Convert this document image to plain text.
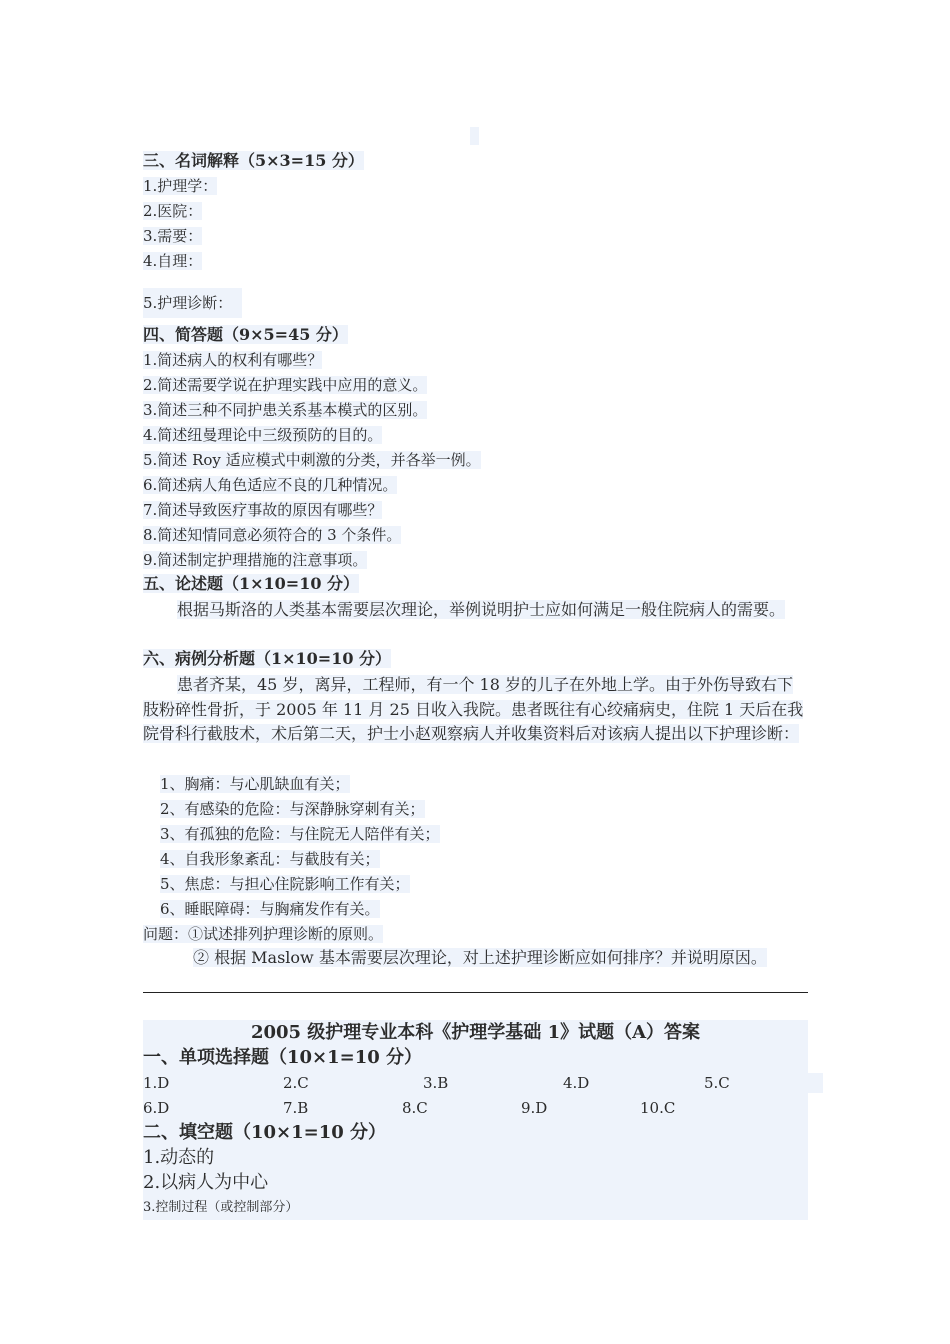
三、名词解释（5×3=15 分）
1.护理学：
2.医院：
3.需要：
4.自理：
5.护理诊断：
四、简答题（9×5=45 分）
1.简述病人的权利有哪些？
2.简述需要学说在护理实践中应用的意义。
3.简述三种不同护患关系基本模式的区别。
4.简述纽曼理论中三级预防的目的。
5.简述 Roy 适应模式中刺激的分类，并各举一例。
6.简述病人角色适应不良的几种情况。
7.简述导致医疗事故的原因有哪些？
8.简述知情同意必须符合的 3 个条件。
9.简述制定护理措施的注意事项。
五、论述题（1×10=10 分）
根据马斯洛的人类基本需要层次理论，举例说明护士应如何满足一般住院病人的需要。
六、病例分析题（1×10=10 分）
患者齐某，45 岁，离异，工程师，有一个 18 岁的儿子在外地上学。由于外伤导致右下肢粉碎性骨折，于 2005 年 11 月 25 日收入我院。患者既往有心绞痛病史，住院 1 天后在我院骨科行截肢术，术后第二天，护士小赵观察病人并收集资料后对该病人提出以下护理诊断：
1、胸痛：与心肌缺血有关；
2、有感染的危险：与深静脉穿刺有关；
3、有孤独的危险：与住院无人陪伴有关；
4、自我形象紊乱：与截肢有关；
5、焦虑：与担心住院影响工作有关；
6、睡眠障碍：与胸痛发作有关。
问题：①试述排列护理诊断的原则。
② 根据 Maslow 基本需要层次理论，对上述护理诊断应如何排序？并说明原因。
2005 级护理专业本科《护理学基础 1》试题（A）答案
一、单项选择题（10×1=10 分）
1.D	2.C	3.B	4.D	5.C
6.D	7.B	8.C	9.D	10.C
二、填空题（10×1=10 分）
1.动态的
2.以病人为中心
3.控制过程（或控制部分）
